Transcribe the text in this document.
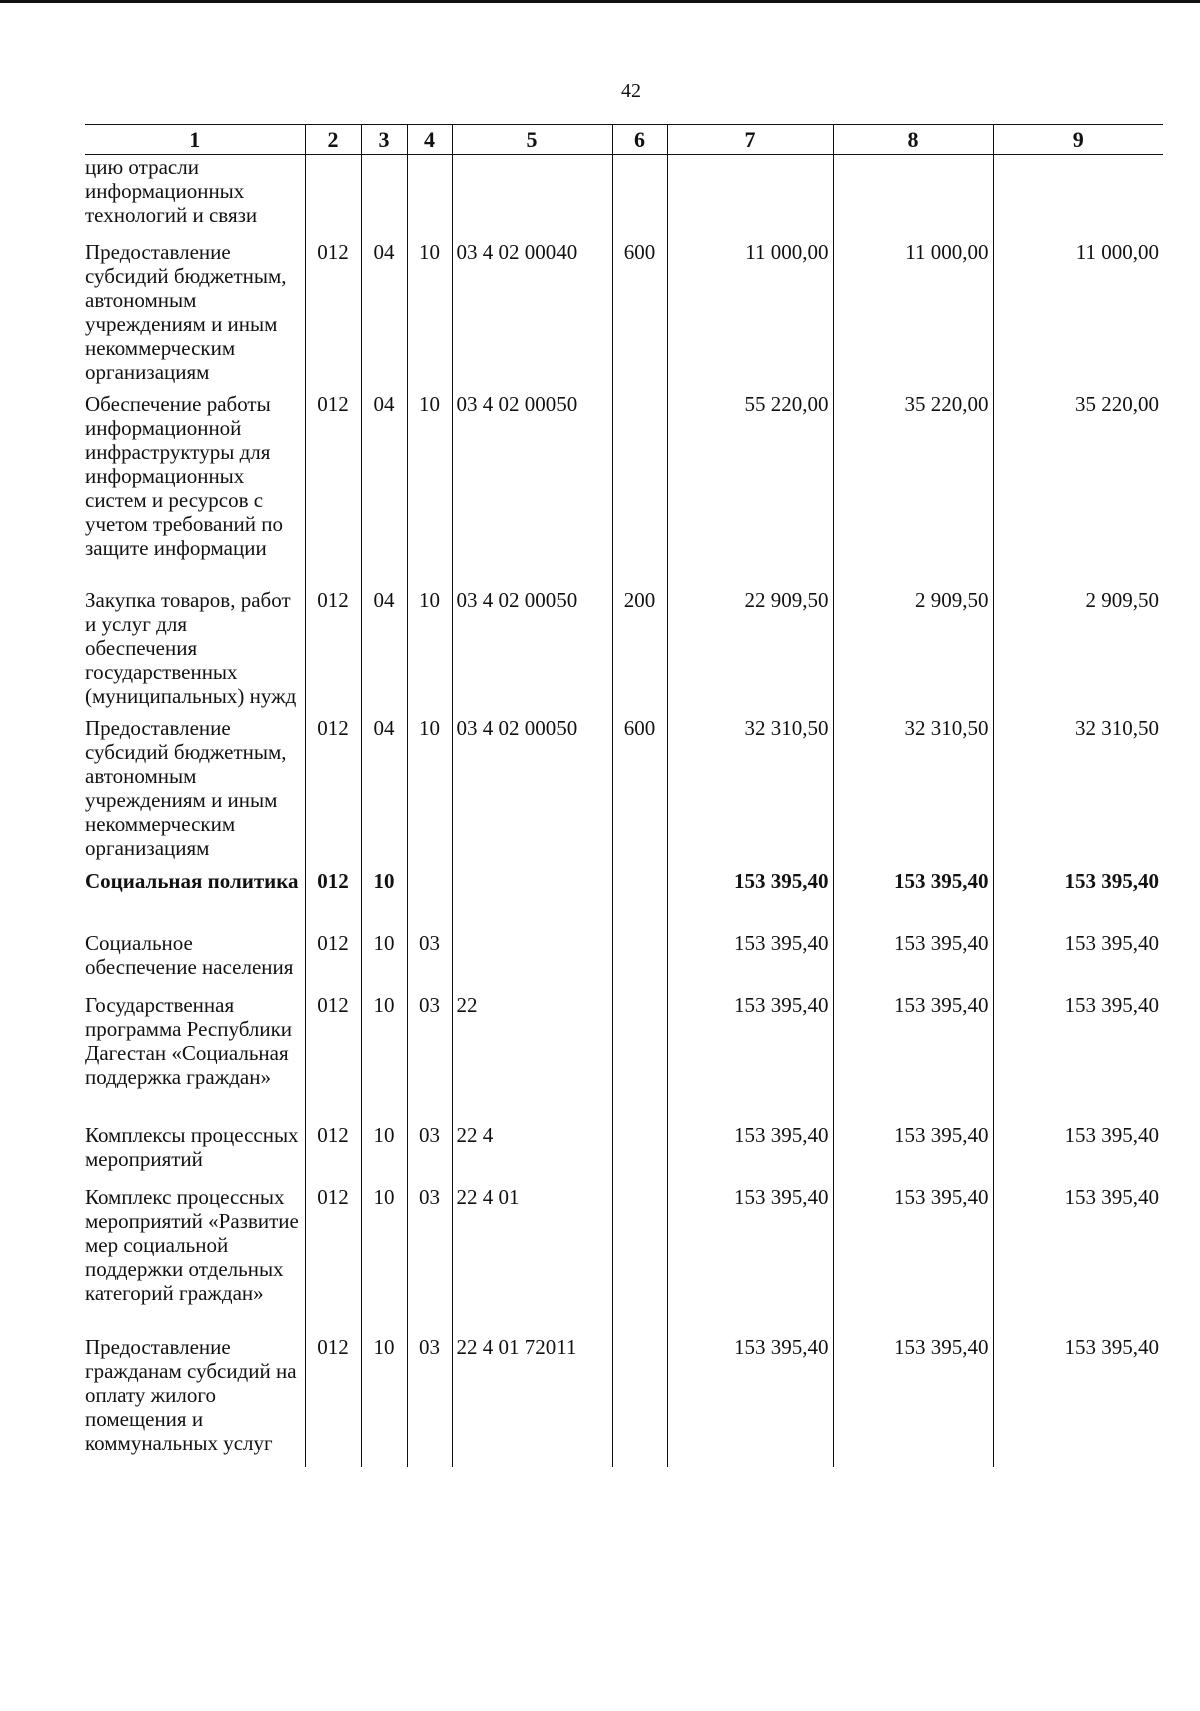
42
1	2	3	4	5	6	7	8	9

цию отрасли информационных технологий и связи								

Предоставление субсидий бюджетным, автономным учреждениям и иным некоммерческим организациям	012	04	10	03 4 02 00040	600	11 000,00	11 000,00	11 000,00

Обеспечение работы информационной инфраструктуры для информационных систем и ресурсов с учетом требований по защите информации	012	04	10	03 4 02 00050		55 220,00	35 220,00	35 220,00

Закупка товаров, работ и услуг для обеспечения государственных (муниципальных) нужд	012	04	10	03 4 02 00050	200	22 909,50	2 909,50	2 909,50

Предоставление субсидий бюджетным, автономным учреждениям и иным некоммерческим организациям	012	04	10	03 4 02 00050	600	32 310,50	32 310,50	32 310,50

Социальная политика	012	10				153 395,40	153 395,40	153 395,40

Социальное обеспечение населения	012	10	03			153 395,40	153 395,40	153 395,40

Государственная программа Республики Дагестан «Социальная поддержка граждан»	012	10	03	22		153 395,40	153 395,40	153 395,40

Комплексы процессных мероприятий	012	10	03	22 4		153 395,40	153 395,40	153 395,40

Комплекс процессных мероприятий «Развитие мер социальной поддержки отдельных категорий граждан»	012	10	03	22 4 01		153 395,40	153 395,40	153 395,40

Предоставление гражданам субсидий на оплату жилого помещения и коммунальных услуг	012	10	03	22 4 01 72011		153 395,40	153 395,40	153 395,40
